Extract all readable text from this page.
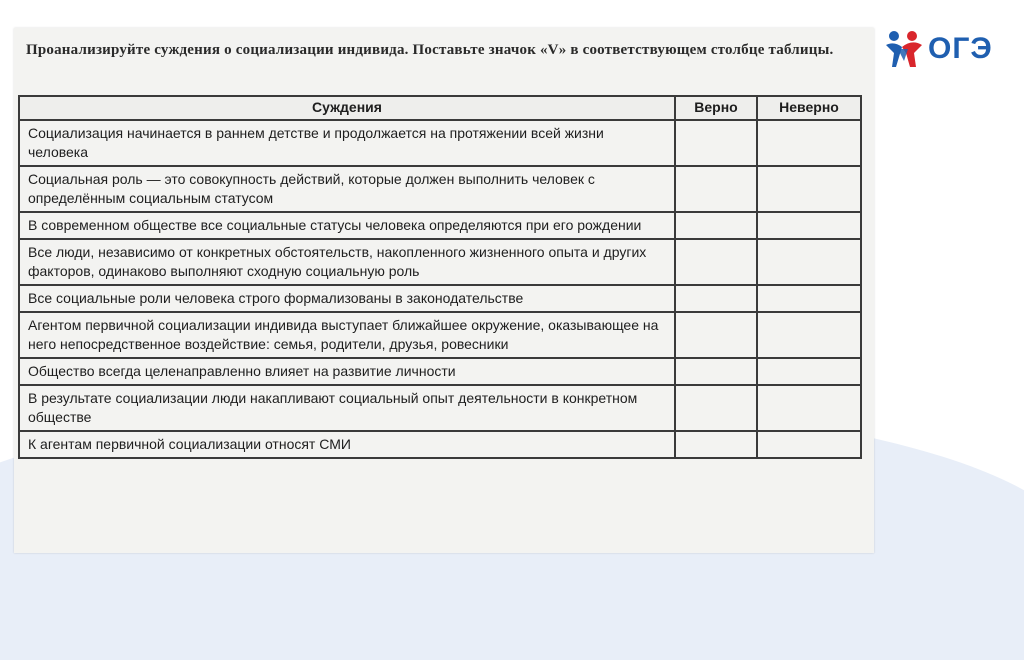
Проанализируйте суждения о социализации индивида. Поставьте значок «V» в соответствующем столбце таблицы.
Суждения	Верно	Неверно
Социализация начинается в раннем детстве и продолжается на протяжении всей жизни человека		
Социальная роль — это совокупность действий, которые должен выполнить человек с определённым социальным статусом		
В современном обществе все социальные статусы человека определяются при его рождении		
Все люди, независимо от конкретных обстоятельств, накопленного жизненного опыта и других факторов, одинаково выполняют сходную социальную роль		
Все социальные роли человека строго формализованы в законодательстве		
Агентом первичной социализации индивида выступает ближайшее окружение, оказывающее на него непосредственное воздействие: семья, родители, друзья, ровесники		
Общество всегда целенаправленно влияет на развитие личности		
В результате социализации люди накапливают социальный опыт деятельности в конкретном обществе		
К агентам первичной социализации относят СМИ		
ОГЭ
